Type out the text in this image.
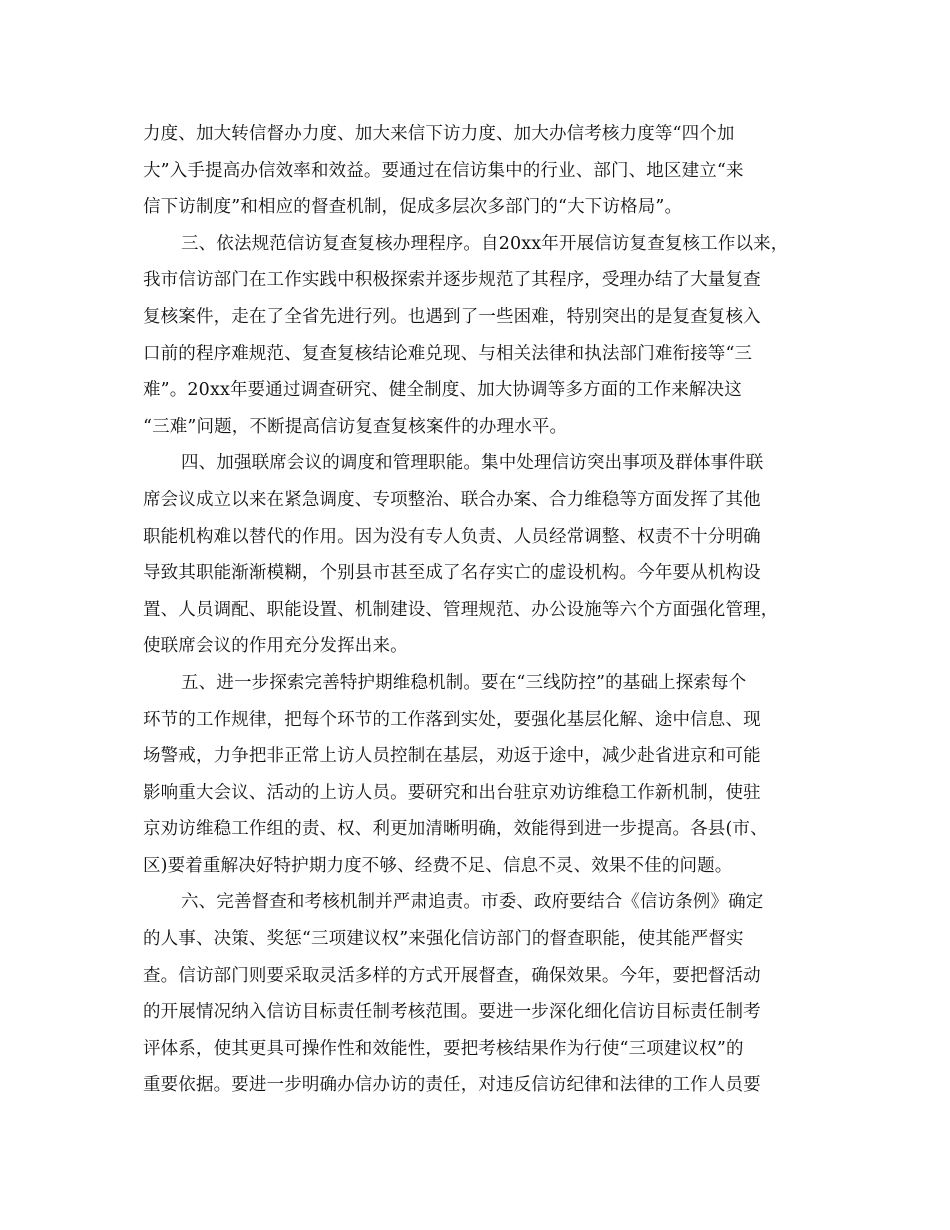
力度、加大转信督办力度、加大来信下访力度、加大办信考核力度等“四个加
大”入手提高办信效率和效益。要通过在信访集中的行业、部门、地区建立“来
信下访制度”和相应的督查机制，促成多层次多部门的“大下访格局”。
三、依法规范信访复查复核办理程序。自20xx年开展信访复查复核工作以来，
我市信访部门在工作实践中积极探索并逐步规范了其程序，受理办结了大量复查
复核案件，走在了全省先进行列。也遇到了一些困难，特别突出的是复查复核入
口前的程序难规范、复查复核结论难兑现、与相关法律和执法部门难衔接等“三
难”。20xx年要通过调查研究、健全制度、加大协调等多方面的工作来解决这
“三难”问题，不断提高信访复查复核案件的办理水平。
四、加强联席会议的调度和管理职能。集中处理信访突出事项及群体事件联
席会议成立以来在紧急调度、专项整治、联合办案、合力维稳等方面发挥了其他
职能机构难以替代的作用。因为没有专人负责、人员经常调整、权责不十分明确
导致其职能渐渐模糊，个别县市甚至成了名存实亡的虚设机构。今年要从机构设
置、人员调配、职能设置、机制建设、管理规范、办公设施等六个方面强化管理，
使联席会议的作用充分发挥出来。
五、进一步探索完善特护期维稳机制。要在“三线防控”的基础上探索每个
环节的工作规律，把每个环节的工作落到实处，要强化基层化解、途中信息、现
场警戒，力争把非正常上访人员控制在基层，劝返于途中，减少赴省进京和可能
影响重大会议、活动的上访人员。要研究和出台驻京劝访维稳工作新机制，使驻
京劝访维稳工作组的责、权、利更加清晰明确，效能得到进一步提高。各县(市、
区)要着重解决好特护期力度不够、经费不足、信息不灵、效果不佳的问题。
六、完善督查和考核机制并严肃追责。市委、政府要结合《信访条例》确定
的人事、决策、奖惩“三项建议权”来强化信访部门的督查职能，使其能严督实
查。信访部门则要采取灵活多样的方式开展督查，确保效果。今年，要把督活动
的开展情况纳入信访目标责任制考核范围。要进一步深化细化信访目标责任制考
评体系，使其更具可操作性和效能性，要把考核结果作为行使“三项建议权”的
重要依据。要进一步明确办信办访的责任，对违反信访纪律和法律的工作人员要
